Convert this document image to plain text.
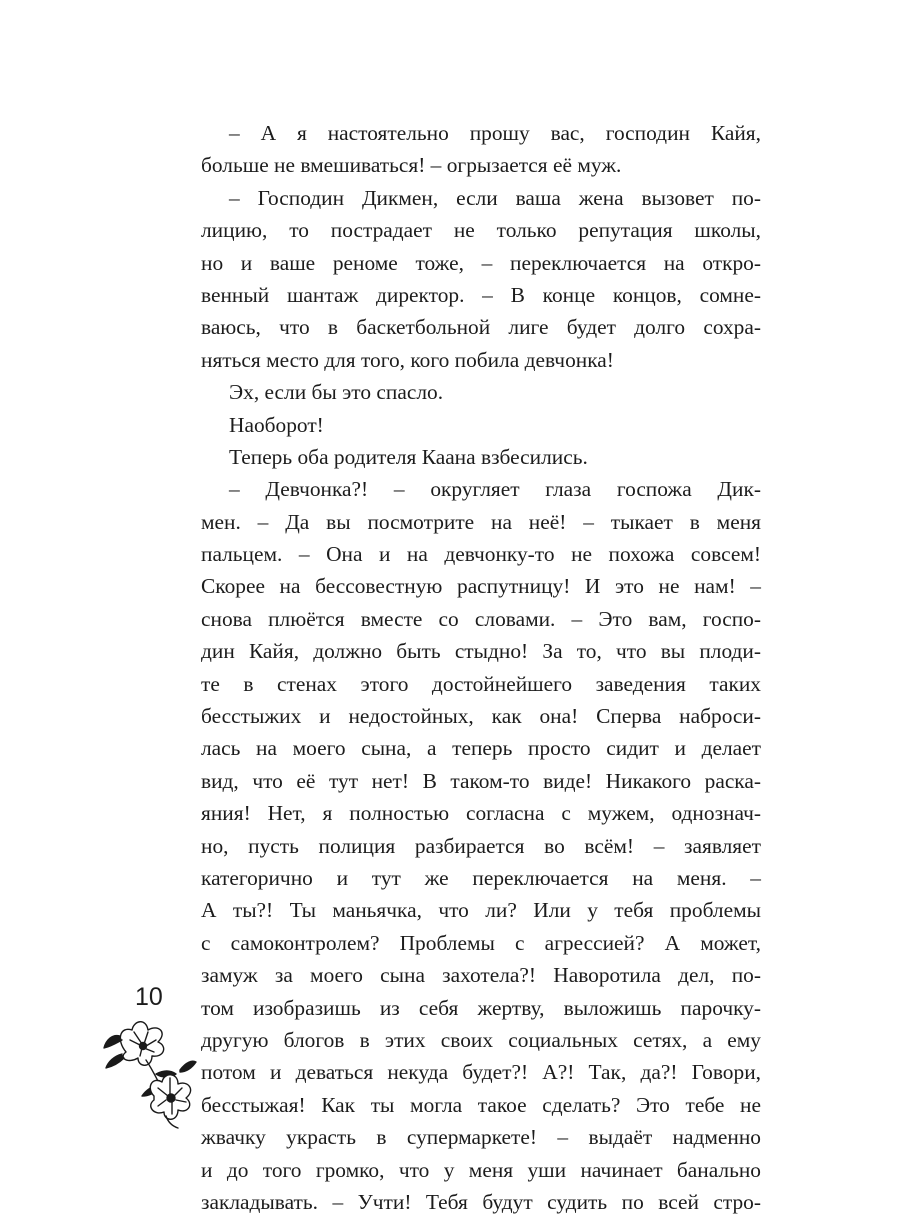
– А я настоятельно прошу вас, господин Кайя,
больше не вмешиваться! – огрызается её муж.
– Господин Дикмен, если ваша жена вызовет по-
лицию, то пострадает не только репутация школы,
но и ваше реноме тоже, – переключается на откро-
венный шантаж директор. – В конце концов, сомне-
ваюсь, что в баскетбольной лиге будет долго сохра-
няться место для того, кого побила девчонка!
Эх, если бы это спасло.
Наоборот!
Теперь оба родителя Каана взбесились.
– Девчонка?! – округляет глаза госпожа Дик-
мен. – Да вы посмотрите на неё! – тыкает в меня
пальцем. – Она и на девчонку-то не похожа совсем!
Скорее на бессовестную распутницу! И это не нам! –
снова плюётся вместе со словами. – Это вам, госпо-
дин Кайя, должно быть стыдно! За то, что вы плоди-
те в стенах этого достойнейшего заведения таких
бесстыжих и недостойных, как она! Сперва наброси-
лась на моего сына, а теперь просто сидит и делает
вид, что её тут нет! В таком-то виде! Никакого раска-
яния! Нет, я полностью согласна с мужем, однознач-
но, пусть полиция разбирается во всём! – заявляет
категорично и тут же переключается на меня. –
А ты?! Ты маньячка, что ли? Или у тебя проблемы
с самоконтролем? Проблемы с агрессией? А может,
замуж за моего сына захотела?! Наворотила дел, по-
том изобразишь из себя жертву, выложишь парочку-
другую блогов в этих своих социальных сетях, а ему
потом и деваться некуда будет?! А?! Так, да?! Говори,
бесстыжая! Как ты могла такое сделать? Это тебе не
жвачку украсть в супермаркете! – выдаёт надменно
и до того громко, что у меня уши начинает банально
закладывать. – Учти! Тебя будут судить по всей стро-
10
